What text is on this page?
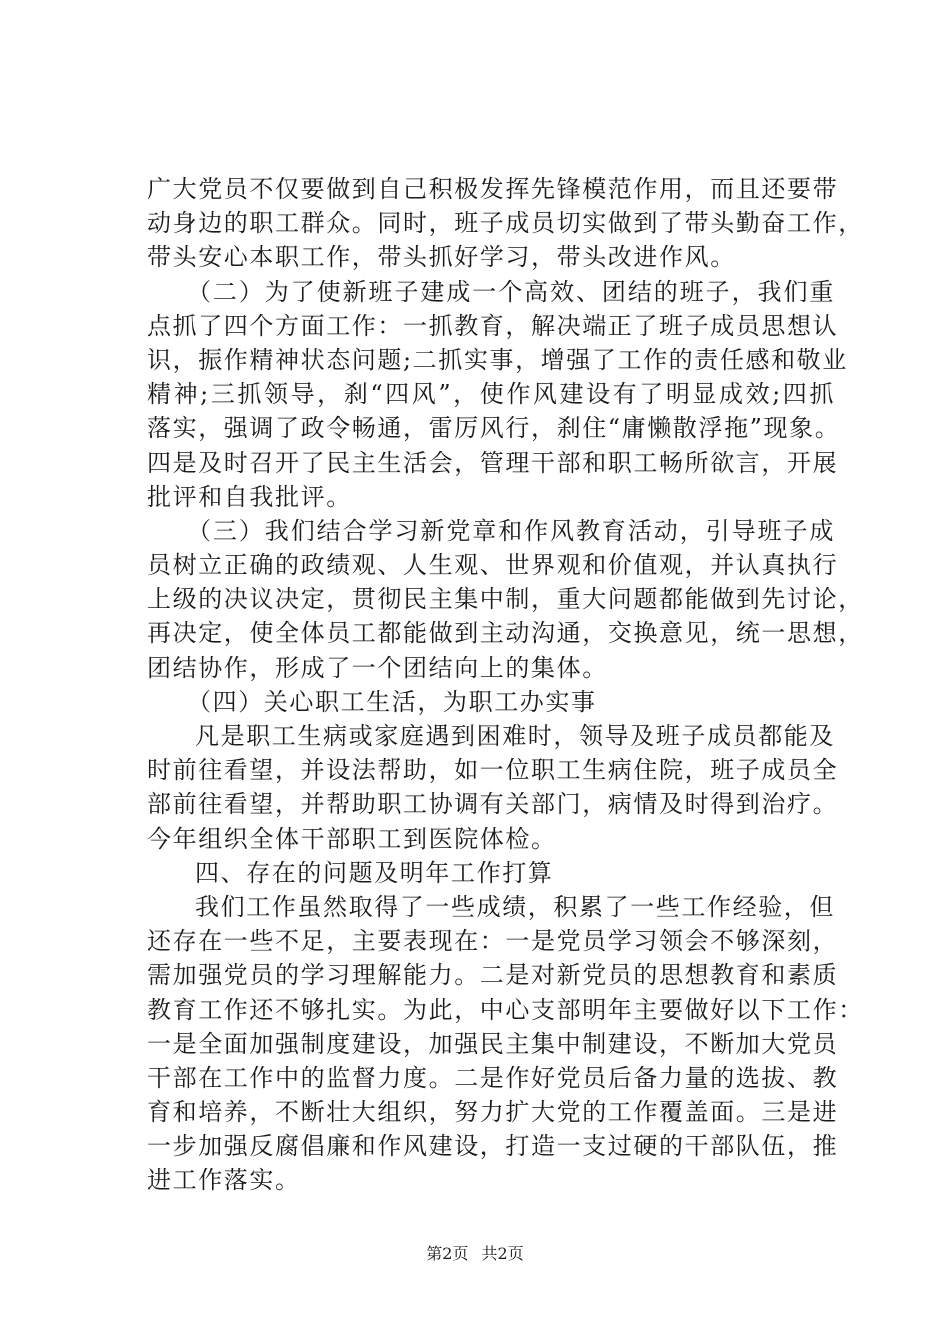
广大党员不仅要做到自己积极发挥先锋模范作用，而且还要带
动身边的职工群众。同时，班子成员切实做到了带头勤奋工作，
带头安心本职工作，带头抓好学习，带头改进作风。
（二）为了使新班子建成一个高效、团结的班子，我们重
点抓了四个方面工作：一抓教育，解决端正了班子成员思想认
识，振作精神状态问题;二抓实事，增强了工作的责任感和敬业
精神;三抓领导，刹“四风”，使作风建设有了明显成效;四抓
落实，强调了政令畅通，雷厉风行，刹住“庸懒散浮拖”现象。
四是及时召开了民主生活会，管理干部和职工畅所欲言，开展
批评和自我批评。
（三）我们结合学习新党章和作风教育活动，引导班子成
员树立正确的政绩观、人生观、世界观和价值观，并认真执行
上级的决议决定，贯彻民主集中制，重大问题都能做到先讨论，
再决定，使全体员工都能做到主动沟通，交换意见，统一思想，
团结协作，形成了一个团结向上的集体。
（四）关心职工生活，为职工办实事
凡是职工生病或家庭遇到困难时，领导及班子成员都能及
时前往看望，并设法帮助，如一位职工生病住院，班子成员全
部前往看望，并帮助职工协调有关部门，病情及时得到治疗。
今年组织全体干部职工到医院体检。
四、存在的问题及明年工作打算
我们工作虽然取得了一些成绩，积累了一些工作经验，但
还存在一些不足，主要表现在：一是党员学习领会不够深刻，
需加强党员的学习理解能力。二是对新党员的思想教育和素质
教育工作还不够扎实。为此，中心支部明年主要做好以下工作：
一是全面加强制度建设，加强民主集中制建设，不断加大党员
干部在工作中的监督力度。二是作好党员后备力量的选拔、教
育和培养，不断壮大组织，努力扩大党的工作覆盖面。三是进
一步加强反腐倡廉和作风建设，打造一支过硬的干部队伍，推
进工作落实。
第2页 共2页
